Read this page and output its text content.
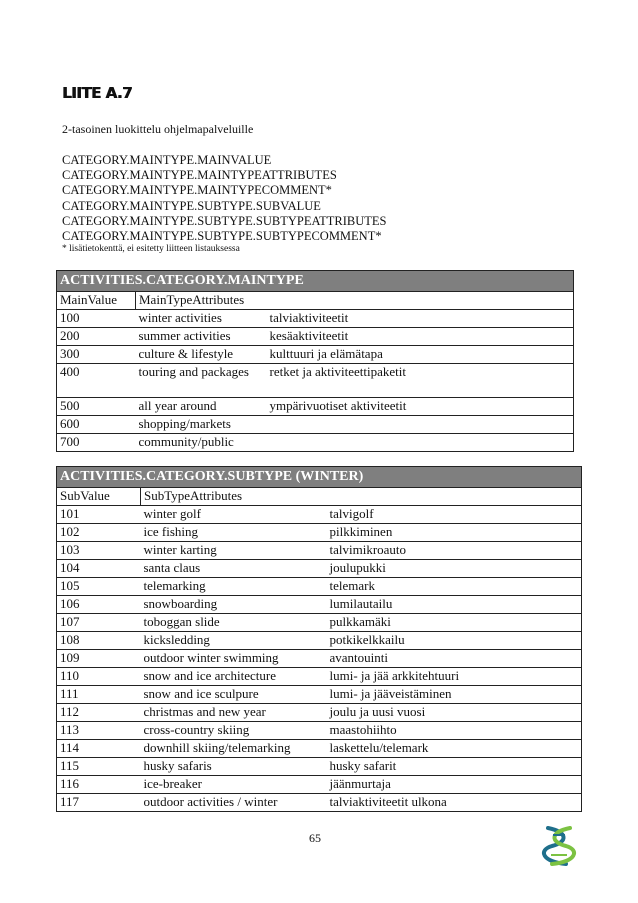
LIITE A.7
2-tasoinen luokittelu ohjelmapalveluille
CATEGORY.MAINTYPE.MAINVALUE
CATEGORY.MAINTYPE.MAINTYPEATTRIBUTES
CATEGORY.MAINTYPE.MAINTYPECOMMENT*
CATEGORY.MAINTYPE.SUBTYPE.SUBVALUE
CATEGORY.MAINTYPE.SUBTYPE.SUBTYPEATTRIBUTES
CATEGORY.MAINTYPE.SUBTYPE.SUBTYPECOMMENT*
* lisätietokenttä, ei esitetty liitteen listauksessa
ACTIVITIES.CATEGORY.MAINTYPE		
MainValue	MainTypeAttributes	
100	winter activities	talviaktiviteetit
200	summer activities	kesäaktiviteetit
300	culture & lifestyle	kulttuuri ja elämätapa
400	touring and packages	retket ja aktiviteettipaketit
500	all year around	ympärivuotiset aktiviteetit
600	shopping/markets	
700	community/public	
ACTIVITIES.CATEGORY.SUBTYPE (WINTER)		
SubValue	SubTypeAttributes	
101	winter golf	talvigolf
102	ice fishing	pilkkiminen
103	winter karting	talvimikroauto
104	santa claus	joulupukki
105	telemarking	telemark
106	snowboarding	lumilautailu
107	toboggan slide	pulkkamäki
108	kicksledding	potkikelkkailu
109	outdoor winter swimming	avantouinti
110	snow and ice architecture	lumi- ja jää arkkitehtuuri
111	snow and ice sculpure	lumi- ja jääveistäminen
112	christmas and new year	joulu ja uusi vuosi
113	cross-country skiing	maastohiihto
114	downhill skiing/telemarking	laskettelu/telemark
115	husky safaris	husky safarit
116	ice-breaker	jäänmurtaja
117	outdoor activities / winter	talviaktiviteetit ulkona
65
